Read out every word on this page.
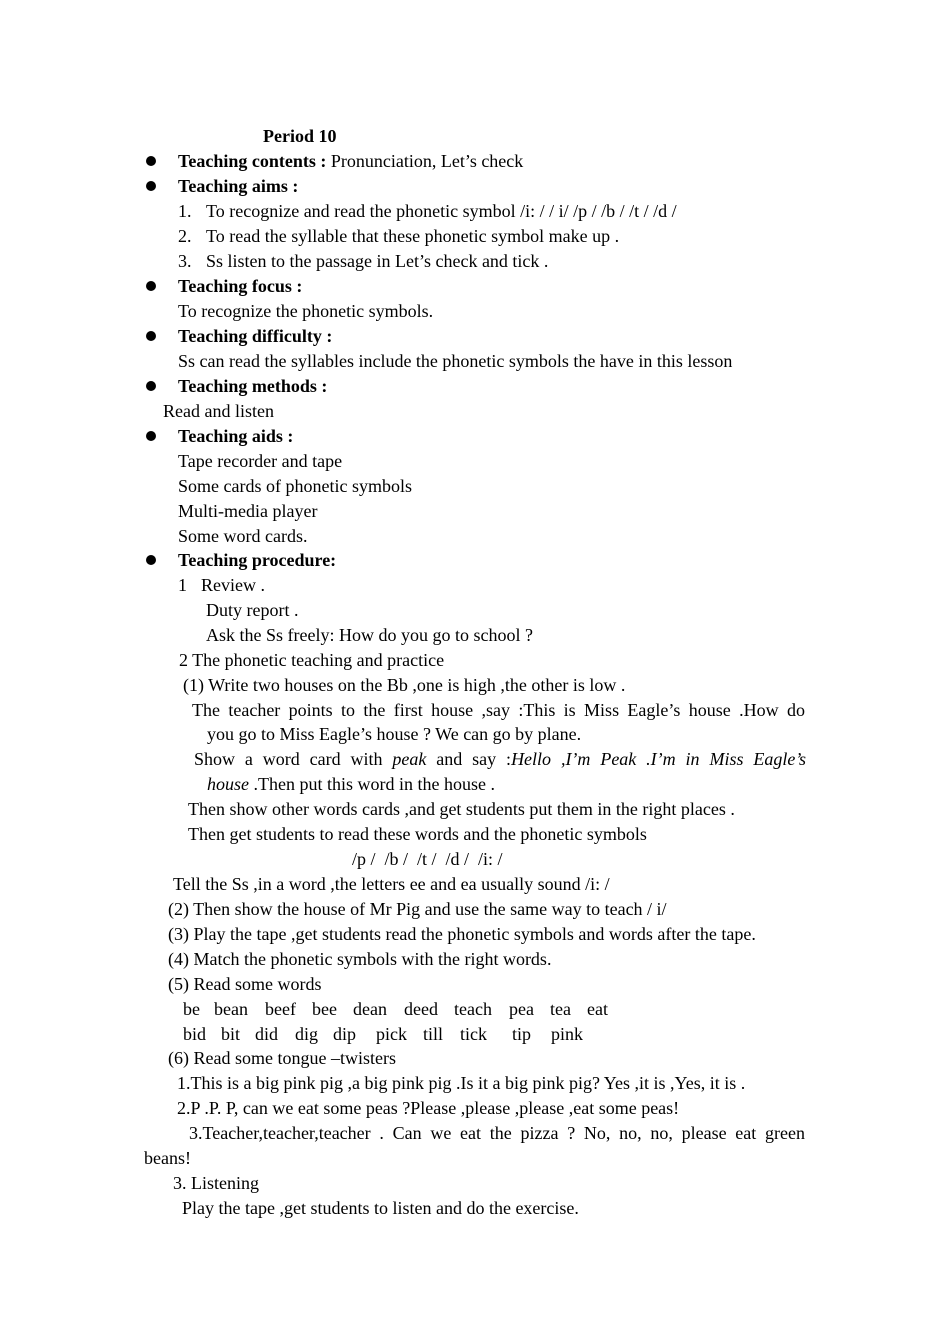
Period 10
Teaching contents : Pronunciation, Let’s check
Teaching aims :
1. To recognize and read the phonetic symbol /i: / / i/ /p / /b / /t / /d /
2. To read the syllable that these phonetic symbol make up .
3. Ss listen to the passage in Let’s check and tick .
Teaching focus :
To recognize the phonetic symbols.
Teaching difficulty :
Ss can read the syllables include the phonetic symbols the have in this lesson
Teaching methods :
Read and listen
Teaching aids :
Tape recorder and tape
Some cards of phonetic symbols
Multi-media player
Some word cards.
Teaching procedure:
1 Review .
Duty report .
Ask the Ss freely: How do you go to school ?
2 The phonetic teaching and practice
(1) Write two houses on the Bb ,one is high ,the other is low .
The teacher points to the first house ,say :This is Miss Eagle’s house .How do
you go to Miss Eagle’s house ? We can go by plane.
Show a word card with peak and say :Hello ,I’m Peak .I’m in Miss Eagle’s
house .Then put this word in the house .
Then show other words cards ,and get students put them in the right places .
Then get students to read these words and the phonetic symbols
/p /  /b /  /t /  /d /  /i: /
Tell the Ss ,in a word ,the letters ee and ea usually sound /i: /
(2) Then show the house of Mr Pig and use the same way to teach / i/
(3) Play the tape ,get students read the phonetic symbols and words after the tape.
(4) Match the phonetic symbols with the right words.
(5) Read some words
be bean beef bee dean deed teach pea tea eat
bid bit did dig dip pick till tick tip pink
(6) Read some tongue –twisters
1.This is a big pink pig ,a big pink pig .Is it a big pink pig? Yes ,it is ,Yes, it is .
2.P .P. P, can we eat some peas ?Please ,please ,please ,eat some peas!
3.Teacher,teacher,teacher . Can we eat the pizza ? No, no, no, please eat green
beans!
3. Listening
Play the tape ,get students to listen and do the exercise.
